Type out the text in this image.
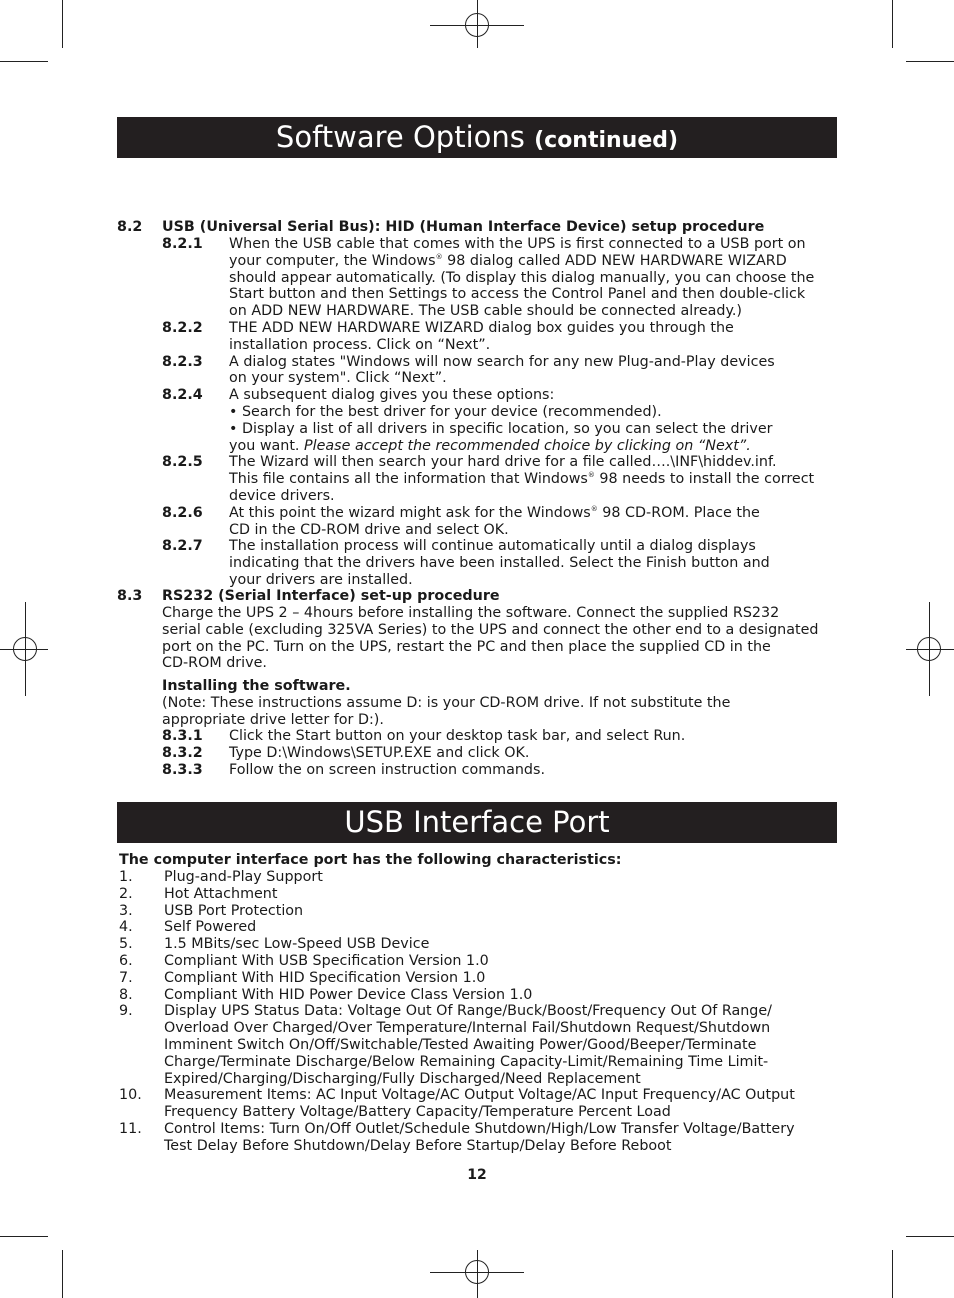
Software Options (continued)
8.2 USB (Universal Serial Bus): HID (Human Interface Device) setup procedure
8.2.1 When the USB cable that comes with the UPS is first connected to a USB port on
your computer, the Windows® 98 dialog called ADD NEW HARDWARE WIZARD
should appear automatically. (To display this dialog manually, you can choose the
Start button and then Settings to access the Control Panel and then double-click
on ADD NEW HARDWARE. The USB cable should be connected already.)
8.2.2 THE ADD NEW HARDWARE WIZARD dialog box guides you through the
installation process. Click on “Next”.
8.2.3 A dialog states "Windows will now search for any new Plug-and-Play devices
on your system". Click “Next”.
8.2.4 A subsequent dialog gives you these options:
• Search for the best driver for your device (recommended).
• Display a list of all drivers in specific location, so you can select the driver
you want. Please accept the recommended choice by clicking on “Next”.
8.2.5 The Wizard will then search your hard drive for a file called….\INF\hiddev.inf.
This file contains all the information that Windows® 98 needs to install the correct
device drivers.
8.2.6 At this point the wizard might ask for the Windows® 98 CD-ROM. Place the
CD in the CD-ROM drive and select OK.
8.2.7 The installation process will continue automatically until a dialog displays
indicating that the drivers have been installed. Select the Finish button and
your drivers are installed.
8.3 RS232 (Serial Interface) set-up procedure
Charge the UPS 2 – 4hours before installing the software. Connect the supplied RS232
serial cable (excluding 325VA Series) to the UPS and connect the other end to a designated
port on the PC. Turn on the UPS, restart the PC and then place the supplied CD in the
CD-ROM drive.
Installing the software.
(Note: These instructions assume D: is your CD-ROM drive. If not substitute the
appropriate drive letter for D:).
8.3.1 Click the Start button on your desktop task bar, and select Run.
8.3.2 Type D:\Windows\SETUP.EXE and click OK.
8.3.3 Follow the on screen instruction commands.
USB Interface Port
The computer interface port has the following characteristics:
1. Plug-and-Play Support
2. Hot Attachment
3. USB Port Protection
4. Self Powered
5. 1.5 MBits/sec Low-Speed USB Device
6. Compliant With USB Specification Version 1.0
7. Compliant With HID Specification Version 1.0
8. Compliant With HID Power Device Class Version 1.0
9. Display UPS Status Data: Voltage Out Of Range/Buck/Boost/Frequency Out Of Range/
Overload Over Charged/Over Temperature/Internal Fail/Shutdown Request/Shutdown
Imminent Switch On/Off/Switchable/Tested Awaiting Power/Good/Beeper/Terminate
Charge/Terminate Discharge/Below Remaining Capacity-Limit/Remaining Time Limit-
Expired/Charging/Discharging/Fully Discharged/Need Replacement
10. Measurement Items: AC Input Voltage/AC Output Voltage/AC Input Frequency/AC Output
Frequency Battery Voltage/Battery Capacity/Temperature Percent Load
11. Control Items: Turn On/Off Outlet/Schedule Shutdown/High/Low Transfer Voltage/Battery
Test Delay Before Shutdown/Delay Before Startup/Delay Before Reboot
12
